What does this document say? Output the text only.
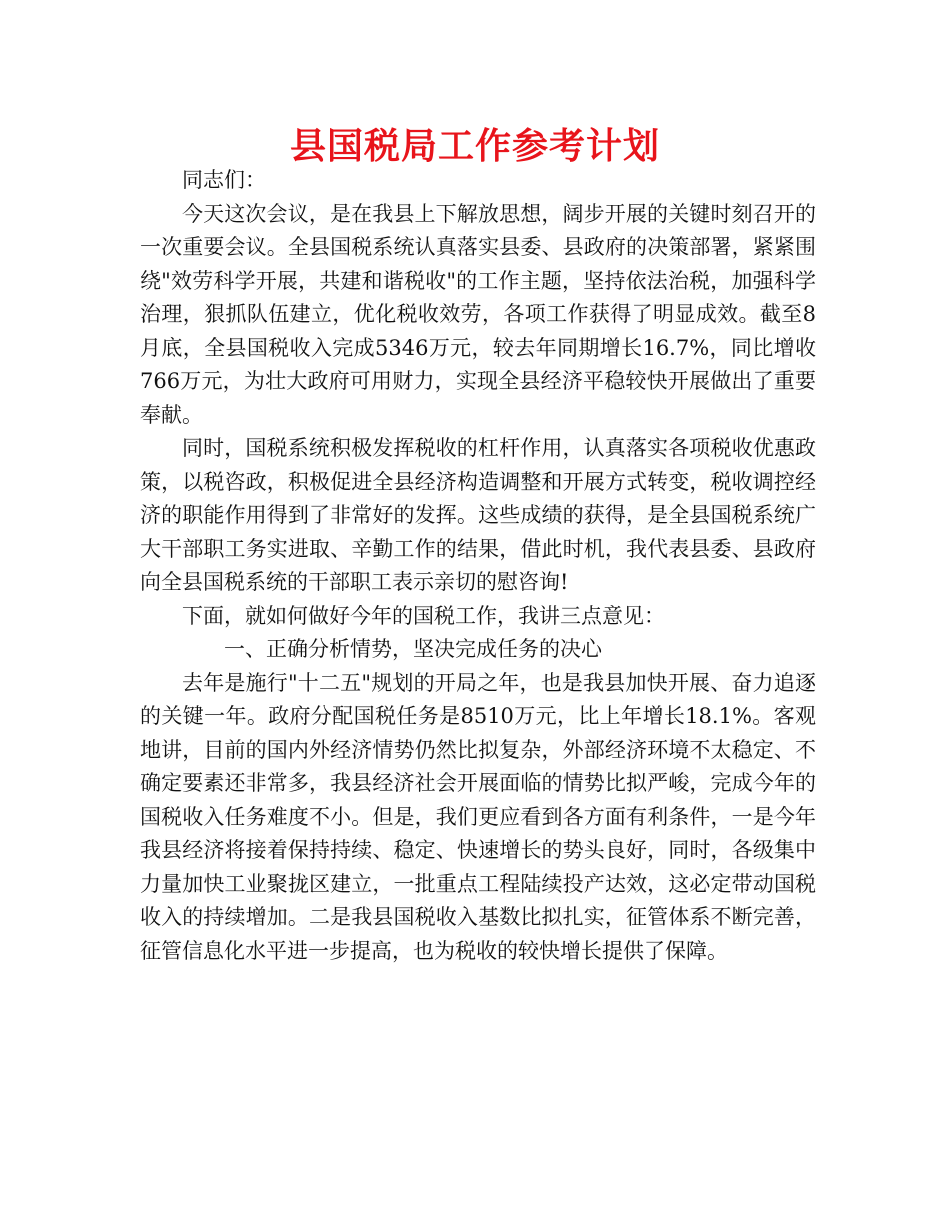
县国税局工作参考计划

同志们：

今天这次会议，是在我县上下解放思想，阔步开展的关键时刻召开的一次重要会议。全县国税系统认真落实县委、县政府的决策部署，紧紧围绕"效劳科学开展，共建和谐税收"的工作主题，坚持依法治税，加强科学治理，狠抓队伍建立，优化税收效劳，各项工作获得了明显成效。截至8月底，全县国税收入完成5346万元，较去年同期增长16.7%，同比增收766万元，为壮大政府可用财力，实现全县经济平稳较快开展做出了重要奉献。

同时，国税系统积极发挥税收的杠杆作用，认真落实各项税收优惠政策，以税咨政，积极促进全县经济构造调整和开展方式转变，税收调控经济的职能作用得到了非常好的发挥。这些成绩的获得，是全县国税系统广大干部职工务实进取、辛勤工作的结果，借此时机，我代表县委、县政府向全县国税系统的干部职工表示亲切的慰咨询!

下面，就如何做好今年的国税工作，我讲三点意见：

一、正确分析情势，坚决完成任务的决心

去年是施行"十二五"规划的开局之年，也是我县加快开展、奋力追逐的关键一年。政府分配国税任务是8510万元，比上年增长18.1%。客观地讲，目前的国内外经济情势仍然比拟复杂，外部经济环境不太稳定、不确定要素还非常多，我县经济社会开展面临的情势比拟严峻，完成今年的国税收入任务难度不小。但是，我们更应看到各方面有利条件，一是今年我县经济将接着保持持续、稳定、快速增长的势头良好，同时，各级集中力量加快工业聚拢区建立，一批重点工程陆续投产达效，这必定带动国税收入的持续增加。二是我县国税收入基数比拟扎实，征管体系不断完善，征管信息化水平进一步提高，也为税收的较快增长提供了保障。
